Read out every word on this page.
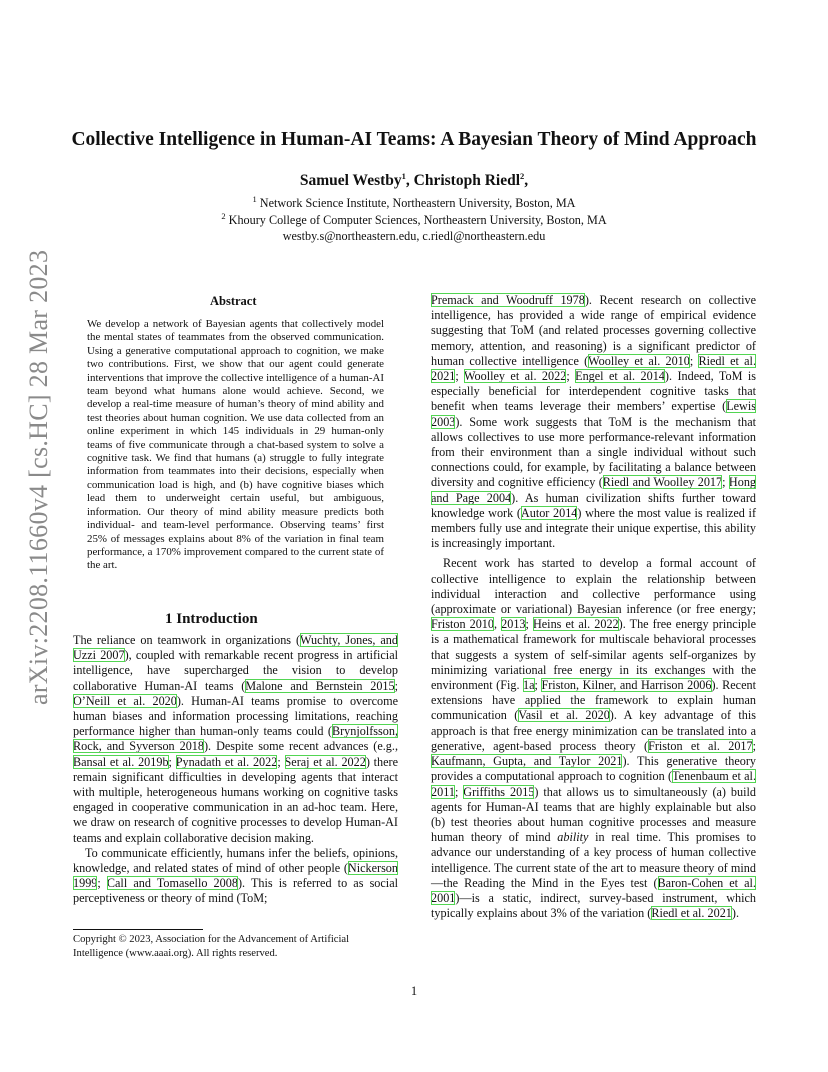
arXiv:2208.11660v4 [cs.HC] 28 Mar 2023
Collective Intelligence in Human-AI Teams: A Bayesian Theory of Mind Approach
Samuel Westby$^1$, Christoph Riedl$^2$,
$^1$ Network Science Institute, Northeastern University, Boston, MA
$^2$ Khoury College of Computer Sciences, Northeastern University, Boston, MA
westby.s@northeastern.edu, c.riedl@northeastern.edu
Abstract
We develop a network of Bayesian agents that collectively model the mental states of teammates from the observed communication. Using a generative computational approach to cognition, we make two contributions. First, we show that our agent could generate interventions that improve the collective intelligence of a human-AI team beyond what humans alone would achieve. Second, we develop a real-time measure of human’s theory of mind ability and test theories about human cognition. We use data collected from an online experiment in which 145 individuals in 29 human-only teams of five communicate through a chat-based system to solve a cognitive task. We find that humans (a) struggle to fully integrate information from teammates into their decisions, especially when communication load is high, and (b) have cognitive biases which lead them to underweight certain useful, but ambiguous, information. Our theory of mind ability measure predicts both individual- and team-level performance. Observing teams’ first 25% of messages explains about 8% of the variation in final team performance, a 170% improvement compared to the current state of the art.
1 Introduction

The reliance on teamwork in organizations (Wuchty, Jones, and Uzzi 2007), coupled with remarkable recent progress in artificial intelligence, have supercharged the vision to develop collaborative Human-AI teams (Malone and Bernstein 2015; O’Neill et al. 2020). Human-AI teams promise to overcome human biases and information processing limitations, reaching performance higher than human-only teams could (Brynjolfsson, Rock, and Syverson 2018). Despite some recent advances (e.g., Bansal et al. 2019b; Pynadath et al. 2022; Seraj et al. 2022) there remain significant difficulties in developing agents that interact with multiple, heterogeneous humans working on cognitive tasks engaged in cooperative communication in an ad-hoc team. Here, we draw on research of cognitive processes to develop Human-AI teams and explain collaborative decision making.

To communicate efficiently, humans infer the beliefs, opinions, knowledge, and related states of mind of other people (Nickerson 1999; Call and Tomasello 2008). This is referred to as social perceptiveness or theory of mind (ToM;

Premack and Woodruff 1978). Recent research on collective intelligence, has provided a wide range of empirical evidence suggesting that ToM (and related processes governing collective memory, attention, and reasoning) is a significant predictor of human collective intelligence (Woolley et al. 2010; Riedl et al. 2021; Woolley et al. 2022; Engel et al. 2014). Indeed, ToM is especially beneficial for interdependent cognitive tasks that benefit when teams leverage their members’ expertise (Lewis 2003). Some work suggests that ToM is the mechanism that allows collectives to use more performance-relevant information from their environment than a single individual without such connections could, for example, by facilitating a balance between diversity and cognitive efficiency (Riedl and Woolley 2017; Hong and Page 2004). As human civilization shifts further toward knowledge work (Autor 2014) where the most value is realized if members fully use and integrate their unique expertise, this ability is increasingly important.

Recent work has started to develop a formal account of collective intelligence to explain the relationship between individual interaction and collective performance using (approximate or variational) Bayesian inference (or free energy; Friston 2010, 2013; Heins et al. 2022). The free energy principle is a mathematical framework for multiscale behavioral processes that suggests a system of self-similar agents self-organizes by minimizing variational free energy in its exchanges with the environment (Fig. 1a; Friston, Kilner, and Harrison 2006). Recent extensions have applied the framework to explain human communication (Vasil et al. 2020). A key advantage of this approach is that free energy minimization can be translated into a generative, agent-based process theory (Friston et al. 2017; Kaufmann, Gupta, and Taylor 2021). This generative theory provides a computational approach to cognition (Tenenbaum et al. 2011; Griffiths 2015) that allows us to simultaneously (a) build agents for Human-AI teams that are highly explainable but also (b) test theories about human cognitive processes and measure human theory of mind ability in real time. This promises to advance our understanding of a key process of human collective intelligence. The current state of the art to measure theory of mind—the Reading the Mind in the Eyes test (Baron-Cohen et al. 2001)—is a static, indirect, survey-based instrument, which typically explains about 3% of the variation (Riedl et al. 2021).

Copyright © 2023, Association for the Advancement of Artificial Intelligence (www.aaai.org). All rights reserved.
1
